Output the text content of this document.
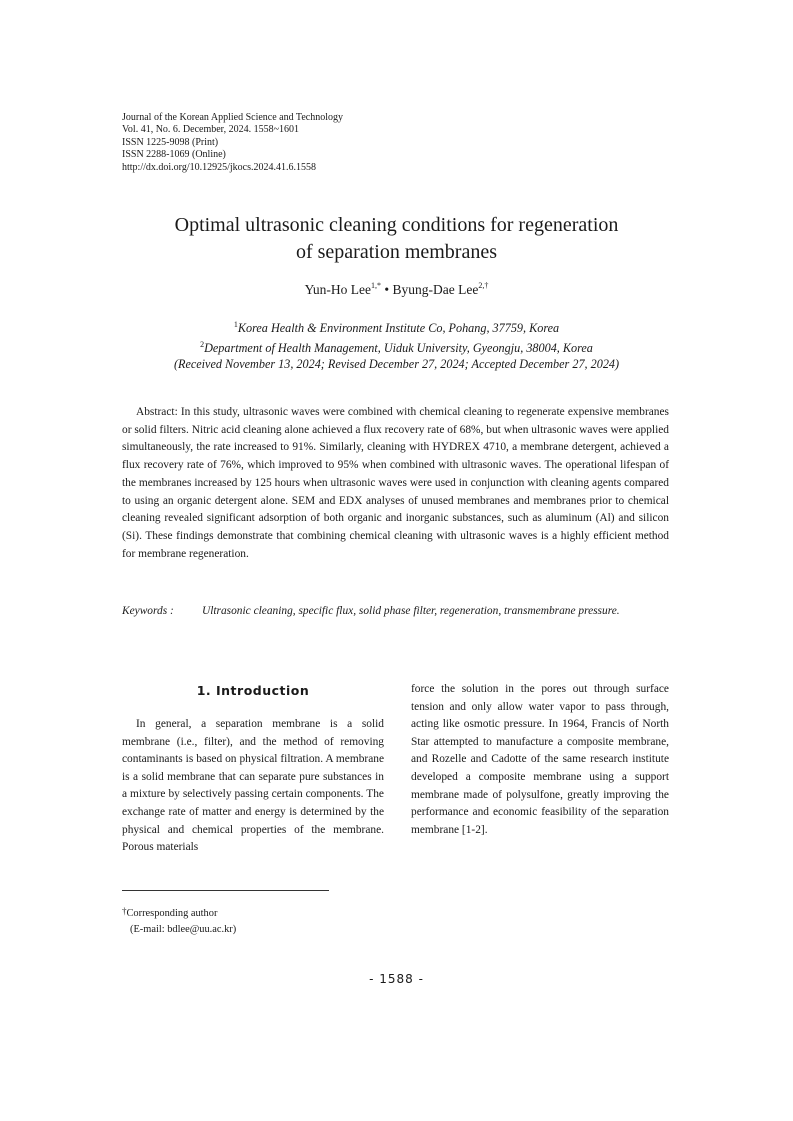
Journal of the Korean Applied Science and Technology
Vol. 41, No. 6. December, 2024. 1558~1601
ISSN 1225-9098 (Print)
ISSN 2288-1069 (Online)
http://dx.doi.org/10.12925/jkocs.2024.41.6.1558
Optimal ultrasonic cleaning conditions for regeneration
of separation membranes
Yun-Ho Lee$^{1,*}$ • Byung-Dae Lee$^{2,\dagger}$
$^1$Korea Health & Environment Institute Co, Pohang, 37759, Korea
$^2$Department of Health Management, Uiduk University, Gyeongju, 38004, Korea
(Received November 13, 2024; Revised December 27, 2024; Accepted December 27, 2024)
Abstract: In this study, ultrasonic waves were combined with chemical cleaning to regenerate expensive membranes or solid filters. Nitric acid cleaning alone achieved a flux recovery rate of 68%, but when ultrasonic waves were applied simultaneously, the rate increased to 91%. Similarly, cleaning with HYDREX 4710, a membrane detergent, achieved a flux recovery rate of 76%, which improved to 95% when combined with ultrasonic waves. The operational lifespan of the membranes increased by 125 hours when ultrasonic waves were used in conjunction with cleaning agents compared to using an organic detergent alone. SEM and EDX analyses of unused membranes and membranes prior to chemical cleaning revealed significant adsorption of both organic and inorganic substances, such as aluminum (Al) and silicon (Si). These findings demonstrate that combining chemical cleaning with ultrasonic waves is a highly efficient method for membrane regeneration.
Keywords : Ultrasonic cleaning, specific flux, solid phase filter, regeneration, transmembrane pressure.
1. Introduction
In general, a separation membrane is a solid membrane (i.e., filter), and the method of removing contaminants is based on physical filtration. A membrane is a solid membrane that can separate pure substances in a mixture by selectively passing certain components. The exchange rate of matter and energy is determined by the physical and chemical properties of the membrane. Porous materials
force the solution in the pores out through surface tension and only allow water vapor to pass through, acting like osmotic pressure. In 1964, Francis of North Star attempted to manufacture a composite membrane, and Rozelle and Cadotte of the same research institute developed a composite membrane using a support membrane made of polysulfone, greatly improving the performance and economic feasibility of the separation membrane [1-2].
†Corresponding author
(E-mail: bdlee@uu.ac.kr)
- 1588 -
